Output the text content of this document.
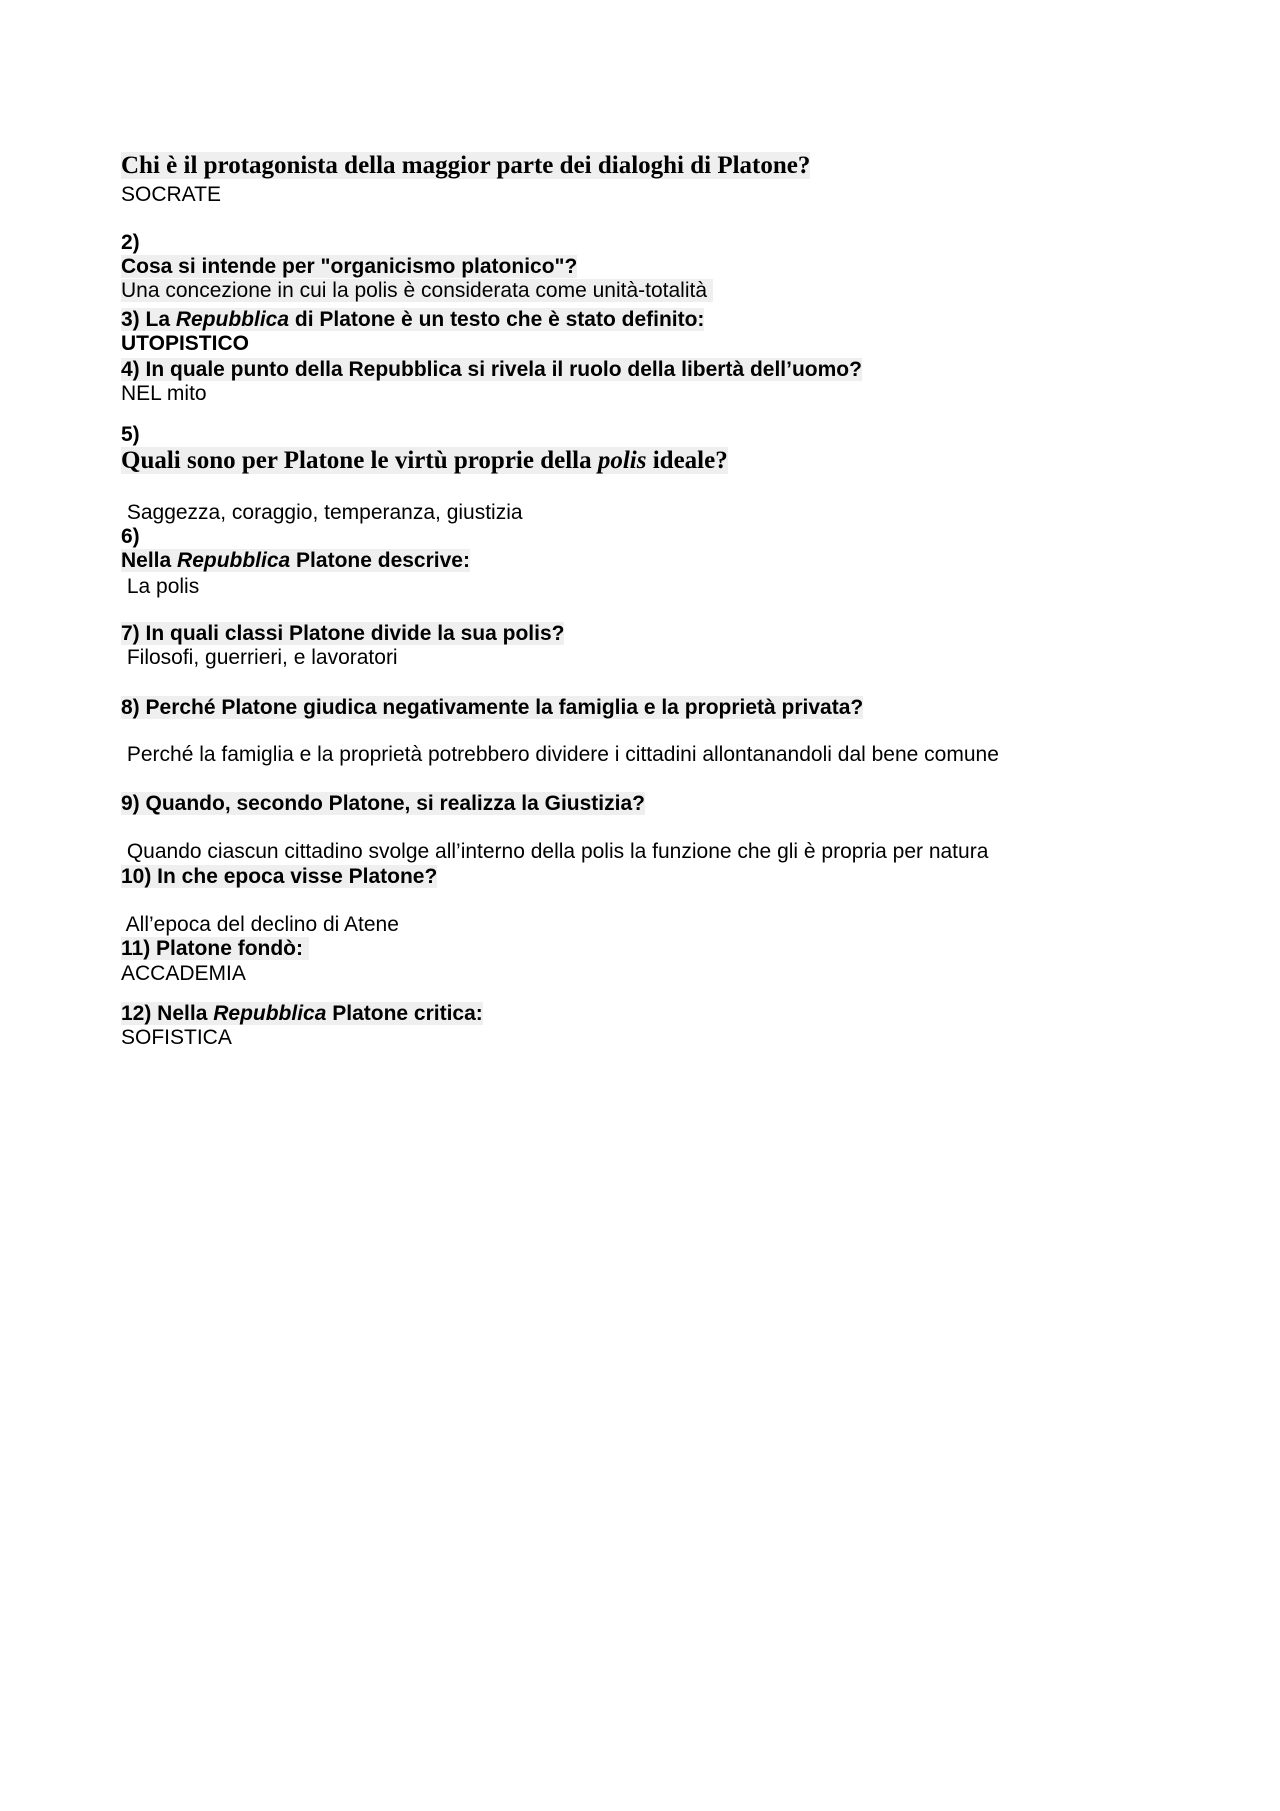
Chi è il protagonista della maggior parte dei dialoghi di Platone?
SOCRATE
2)
Cosa si intende per "organicismo platonico"?
Una concezione in cui la polis è considerata come unità-totalità
3) La Repubblica di Platone è un testo che è stato definito:
UTOPISTICO
4) In quale punto della Repubblica si rivela il ruolo della libertà dell’uomo?
NEL mito
5)
Quali sono per Platone le virtù proprie della polis ideale?
Saggezza, coraggio, temperanza, giustizia
6)
Nella Repubblica Platone descrive:
La polis
7) In quali classi Platone divide la sua polis?
Filosofi, guerrieri, e lavoratori
8) Perché Platone giudica negativamente la famiglia e la proprietà privata?
Perché la famiglia e la proprietà potrebbero dividere i cittadini allontanandoli dal bene comune
9) Quando, secondo Platone, si realizza la Giustizia?
Quando ciascun cittadino svolge all’interno della polis la funzione che gli è propria per natura
10) In che epoca visse Platone?
All’epoca del declino di Atene
11) Platone fondò:
ACCADEMIA
12) Nella Repubblica Platone critica:
SOFISTICA
